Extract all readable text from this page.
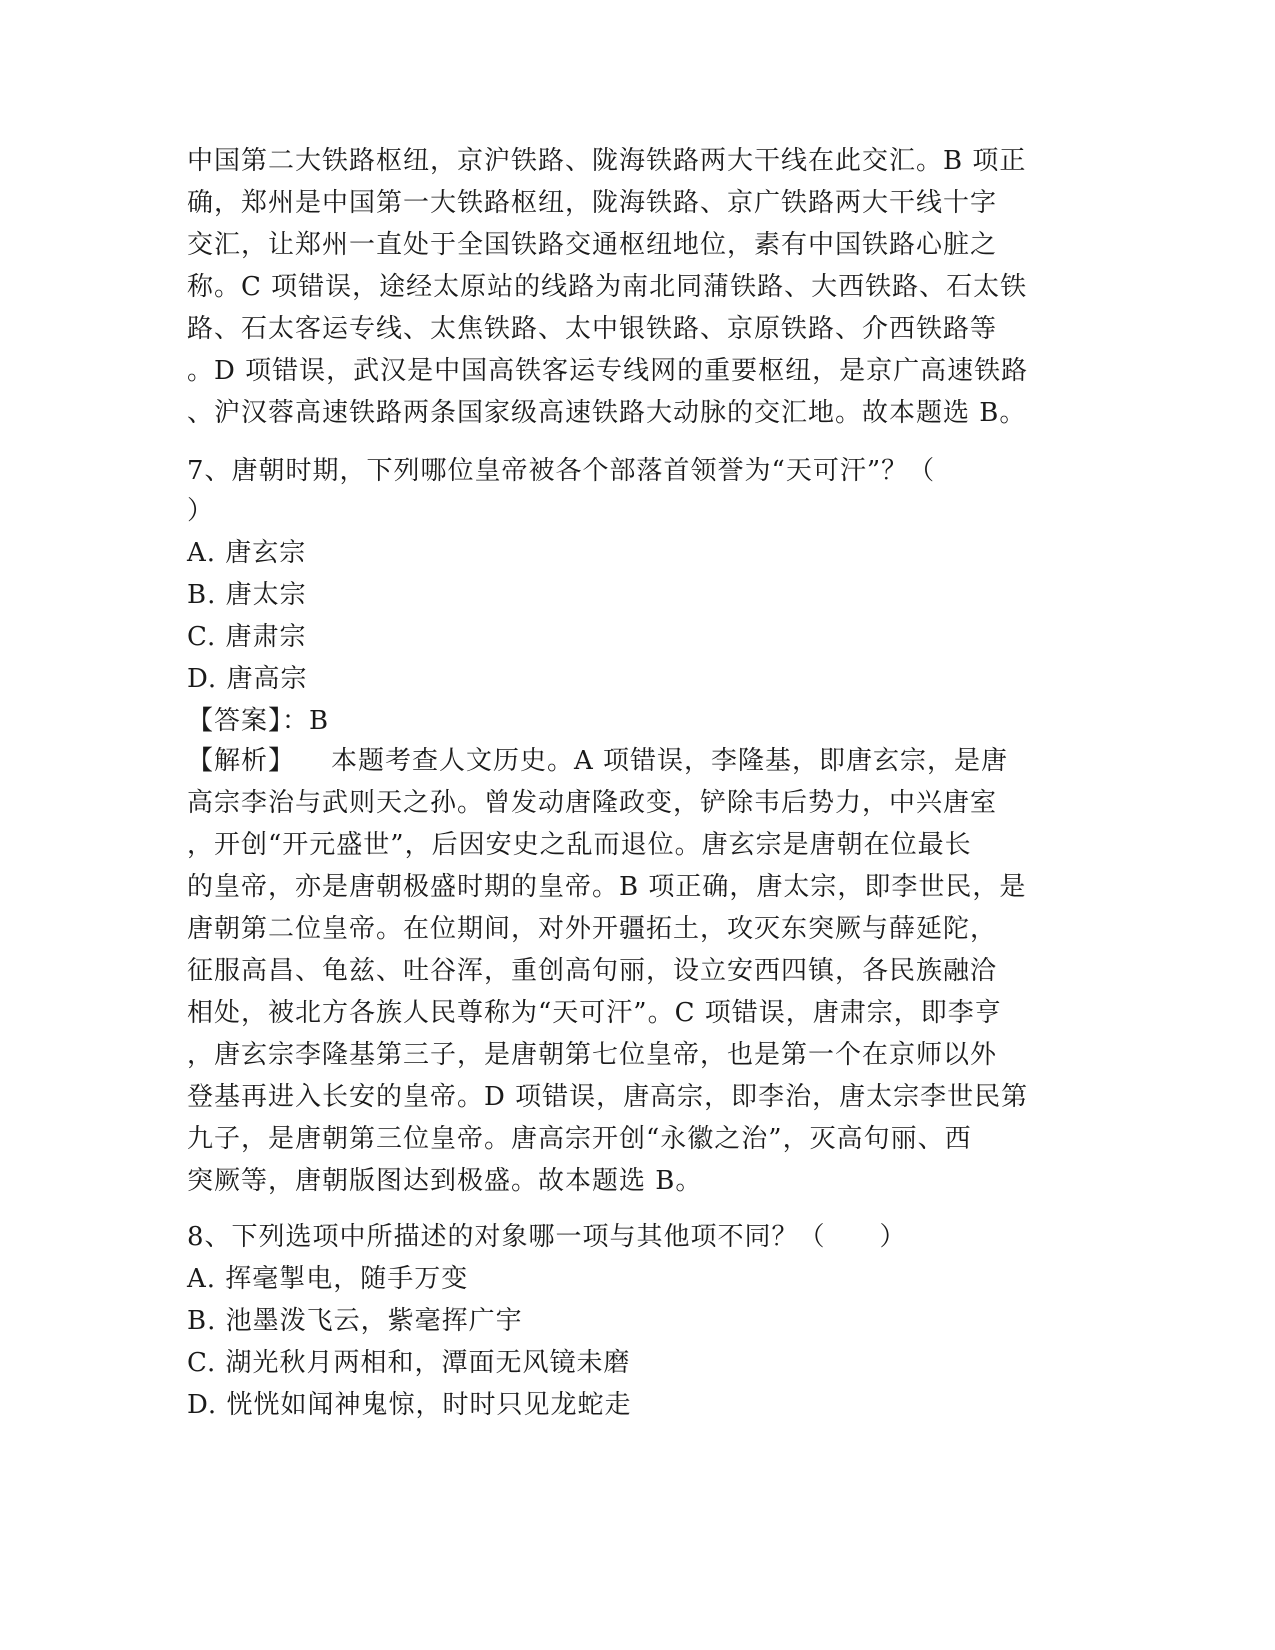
中国第二大铁路枢纽，京沪铁路、陇海铁路两大干线在此交汇。B 项正
确，郑州是中国第一大铁路枢纽，陇海铁路、京广铁路两大干线十字
交汇，让郑州一直处于全国铁路交通枢纽地位，素有中国铁路心脏之
称。C 项错误，途经太原站的线路为南北同蒲铁路、大西铁路、石太铁
路、石太客运专线、太焦铁路、太中银铁路、京原铁路、介西铁路等
。D 项错误，武汉是中国高铁客运专线网的重要枢纽，是京广高速铁路
、沪汉蓉高速铁路两条国家级高速铁路大动脉的交汇地。故本题选 B。
7、唐朝时期，下列哪位皇帝被各个部落首领誉为“天可汗”？（
）
A. 唐玄宗
B. 唐太宗
C. 唐肃宗
D. 唐高宗
【答案】：B
【解析】 本题考查人文历史。A 项错误，李隆基，即唐玄宗，是唐
高宗李治与武则天之孙。曾发动唐隆政变，铲除韦后势力，中兴唐室
，开创“开元盛世”，后因安史之乱而退位。唐玄宗是唐朝在位最长
的皇帝，亦是唐朝极盛时期的皇帝。B 项正确，唐太宗，即李世民，是
唐朝第二位皇帝。在位期间，对外开疆拓土，攻灭东突厥与薛延陀，
征服高昌、龟兹、吐谷浑，重创高句丽，设立安西四镇，各民族融洽
相处，被北方各族人民尊称为“天可汗”。C 项错误，唐肃宗，即李亨
，唐玄宗李隆基第三子，是唐朝第七位皇帝，也是第一个在京师以外
登基再进入长安的皇帝。D 项错误，唐高宗，即李治，唐太宗李世民第
九子，是唐朝第三位皇帝。唐高宗开创“永徽之治”，灭高句丽、西
突厥等，唐朝版图达到极盛。故本题选 B。
8、下列选项中所描述的对象哪一项与其他项不同？（　　）
A. 挥毫掣电，随手万变
B. 池墨泼飞云，紫毫挥广宇
C. 湖光秋月两相和，潭面无风镜未磨
D. 恍恍如闻神鬼惊，时时只见龙蛇走
